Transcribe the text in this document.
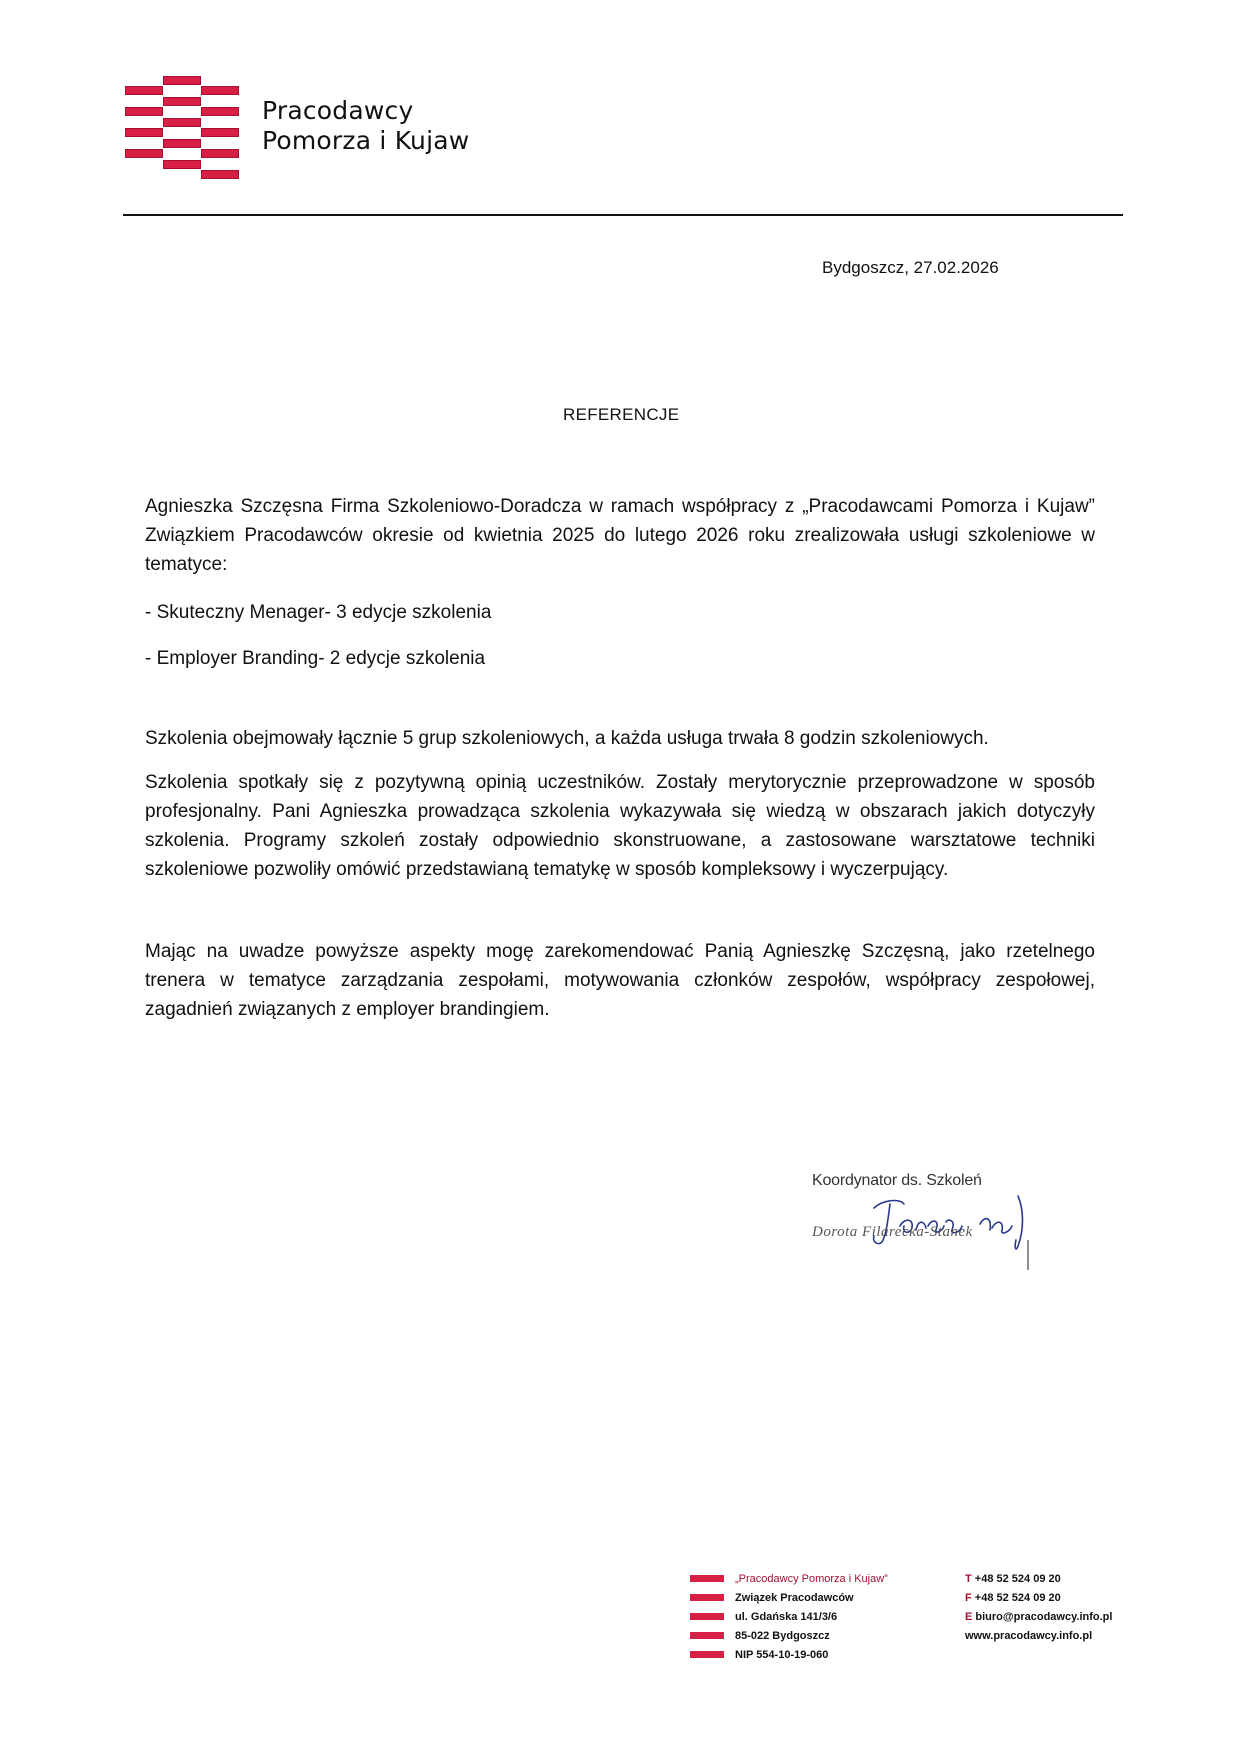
Pracodawcy
Pomorza i Kujaw
Bydgoszcz, 27.02.2026
REFERENCJE
Agnieszka Szczęsna Firma Szkoleniowo-Doradcza w ramach współpracy z „Pracodawcami Pomorza i Kujaw” Związkiem Pracodawców okresie od kwietnia 2025 do lutego 2026 roku zrealizowała usługi szkoleniowe w tematyce:
- Skuteczny Menager- 3 edycje szkolenia
- Employer Branding- 2 edycje szkolenia
Szkolenia obejmowały łącznie 5 grup szkoleniowych, a każda usługa trwała 8 godzin szkoleniowych.
Szkolenia spotkały się z pozytywną opinią uczestników. Zostały merytorycznie przeprowadzone w sposób profesjonalny. Pani Agnieszka prowadząca szkolenia wykazywała się wiedzą w obszarach jakich dotyczyły szkolenia. Programy szkoleń zostały odpowiednio skonstruowane, a zastosowane warsztatowe techniki szkoleniowe pozwoliły omówić przedstawianą tematykę w sposób kompleksowy i wyczerpujący.
Mając na uwadze powyższe aspekty mogę zarekomendować Panią Agnieszkę Szczęsną, jako rzetelnego trenera w tematyce zarządzania zespołami, motywowania członków zespołów, współpracy zespołowej, zagadnień związanych z employer brandingiem.
Koordynator ds. Szkoleń
Dorota Filarecka-Stanek
„Pracodawcy Pomorza i Kujaw”
Związek Pracodawców
ul. Gdańska 141/3/6
85-022 Bydgoszcz
NIP 554-10-19-060
T +48 52 524 09 20
F +48 52 524 09 20
E biuro@pracodawcy.info.pl
www.pracodawcy.info.pl
